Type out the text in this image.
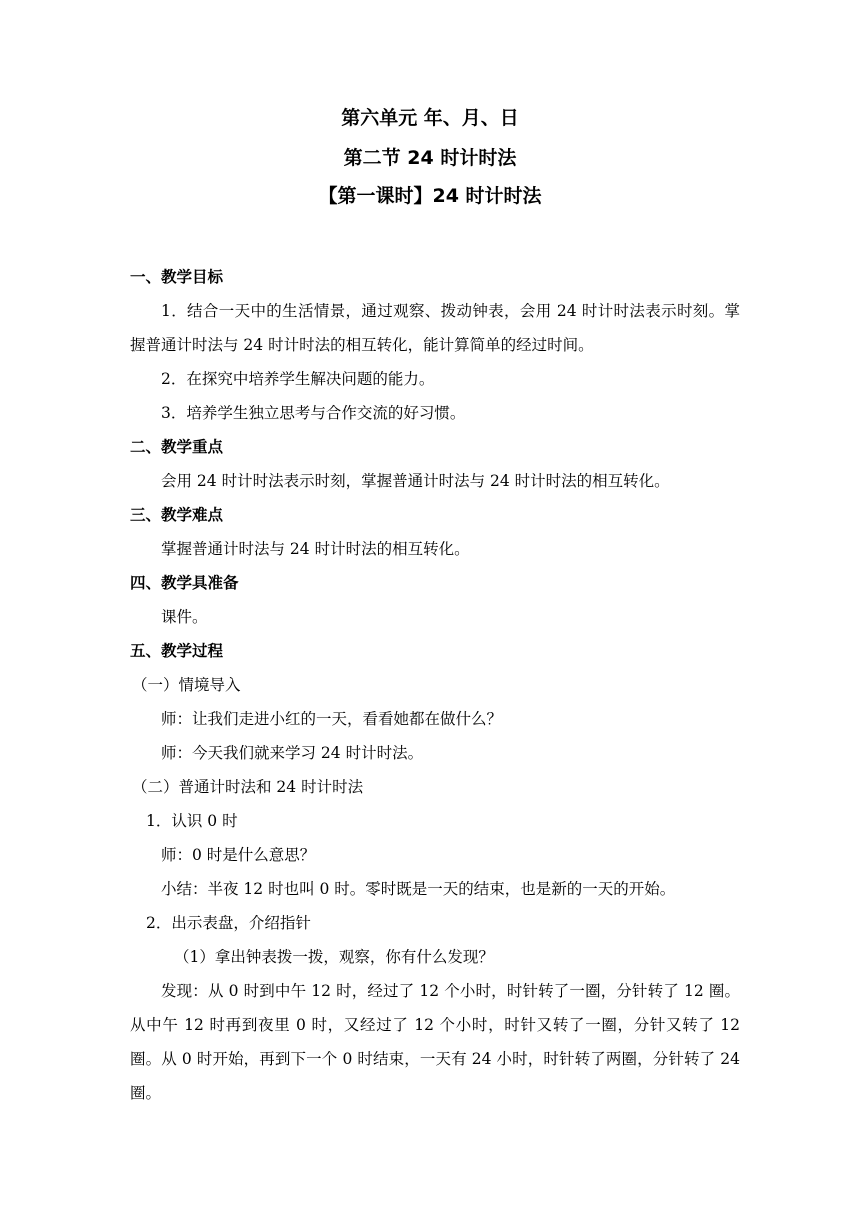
第六单元 年、月、日
第二节 24 时计时法
【第一课时】24 时计时法

一、教学目标

1．结合一天中的生活情景，通过观察、拨动钟表，会用 24 时计时法表示时刻。掌握普通计时法与 24 时计时法的相互转化，能计算简单的经过时间。

2．在探究中培养学生解决问题的能力。

3．培养学生独立思考与合作交流的好习惯。

二、教学重点

会用 24 时计时法表示时刻，掌握普通计时法与 24 时计时法的相互转化。

三、教学难点

掌握普通计时法与 24 时计时法的相互转化。

四、教学具准备

课件。

五、教学过程

（一）情境导入

师：让我们走进小红的一天，看看她都在做什么？

师：今天我们就来学习 24 时计时法。

（二）普通计时法和 24 时计时法

1．认识 0 时

师：0 时是什么意思？

小结：半夜 12 时也叫 0 时。零时既是一天的结束，也是新的一天的开始。

2．出示表盘，介绍指针

（1）拿出钟表拨一拨，观察，你有什么发现？

发现：从 0 时到中午 12 时，经过了 12 个小时，时针转了一圈，分针转了 12 圈。从中午 12 时再到夜里 0 时，又经过了 12 个小时，时针又转了一圈，分针又转了 12 圈。从 0 时开始，再到下一个 0 时结束，一天有 24 小时，时针转了两圈，分针转了 24 圈。
